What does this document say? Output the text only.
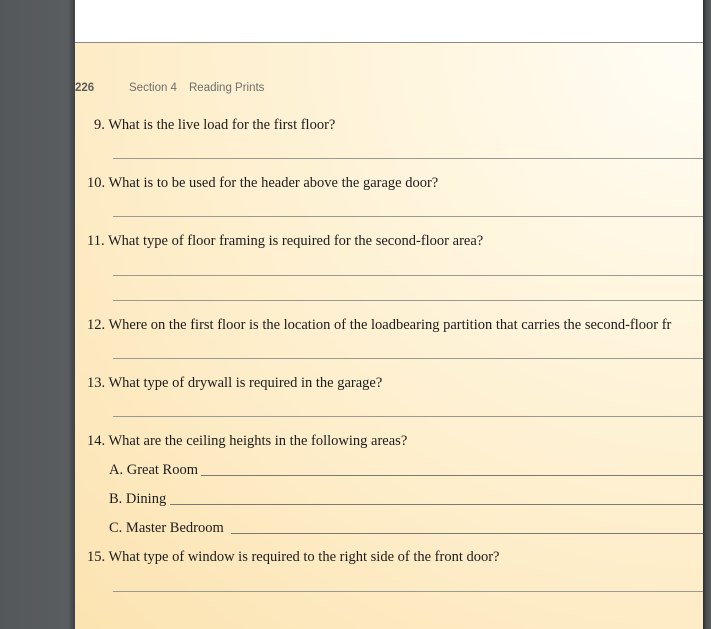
226	Section 4 Reading Prints
9. What is the live load for the first floor?
10. What is to be used for the header above the garage door?
11. What type of floor framing is required for the second-floor area?
12. Where on the first floor is the location of the loadbearing partition that carries the second-floor fr
13. What type of drywall is required in the garage?
14. What are the ceiling heights in the following areas?
A. Great Room
B. Dining
C. Master Bedroom
15. What type of window is required to the right side of the front door?
